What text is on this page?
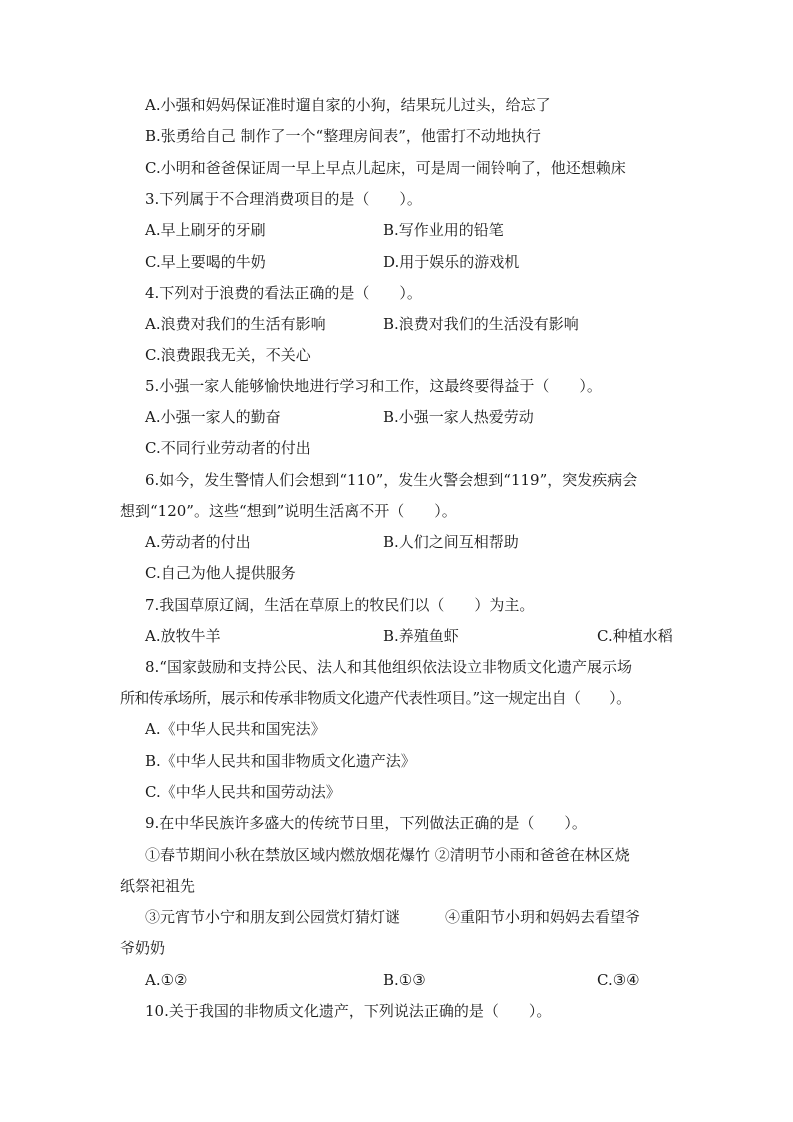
A.小强和妈妈保证准时遛自家的小狗，结果玩儿过头，给忘了
B.张勇给自己 制作了一个“整理房间表”，他雷打不动地执行
C.小明和爸爸保证周一早上早点儿起床，可是周一闹铃响了，他还想赖床
3.下列属于不合理消费项目的是（　　）。
A.早上刷牙的牙刷	B.写作业用的铅笔
C.早上要喝的牛奶	D.用于娱乐的游戏机
4.下列对于浪费的看法正确的是（　　）。
A.浪费对我们的生活有影响	B.浪费对我们的生活没有影响
C.浪费跟我无关，不关心
5.小强一家人能够愉快地进行学习和工作，这最终要得益于（　　）。
A.小强一家人的勤奋	B.小强一家人热爱劳动
C.不同行业劳动者的付出
6.如今，发生警情人们会想到“110”，发生火警会想到“119”，突发疾病会
想到“120”。这些“想到”说明生活离不开（　　）。
A.劳动者的付出	B.人们之间互相帮助
C.自己为他人提供服务
7.我国草原辽阔，生活在草原上的牧民们以（　　）为主。
A.放牧牛羊	B.养殖鱼虾	C.种植水稻
8.“国家鼓励和支持公民、法人和其他组织依法设立非物质文化遗产展示场
所和传承场所，展示和传承非物质文化遗产代表性项目。”这一规定出自（　　）。
A.《中华人民共和国宪法》
B.《中华人民共和国非物质文化遗产法》
C.《中华人民共和国劳动法》
9.在中华民族许多盛大的传统节日里，下列做法正确的是（　　）。
①春节期间小秋在禁放区域内燃放烟花爆竹 ②清明节小雨和爸爸在林区烧
纸祭祀祖先
③元宵节小宁和朋友到公园赏灯猜灯谜　　　④重阳节小玥和妈妈去看望爷
爷奶奶
A.①②	B.①③	C.③④
10.关于我国的非物质文化遗产，下列说法正确的是（　　）。
